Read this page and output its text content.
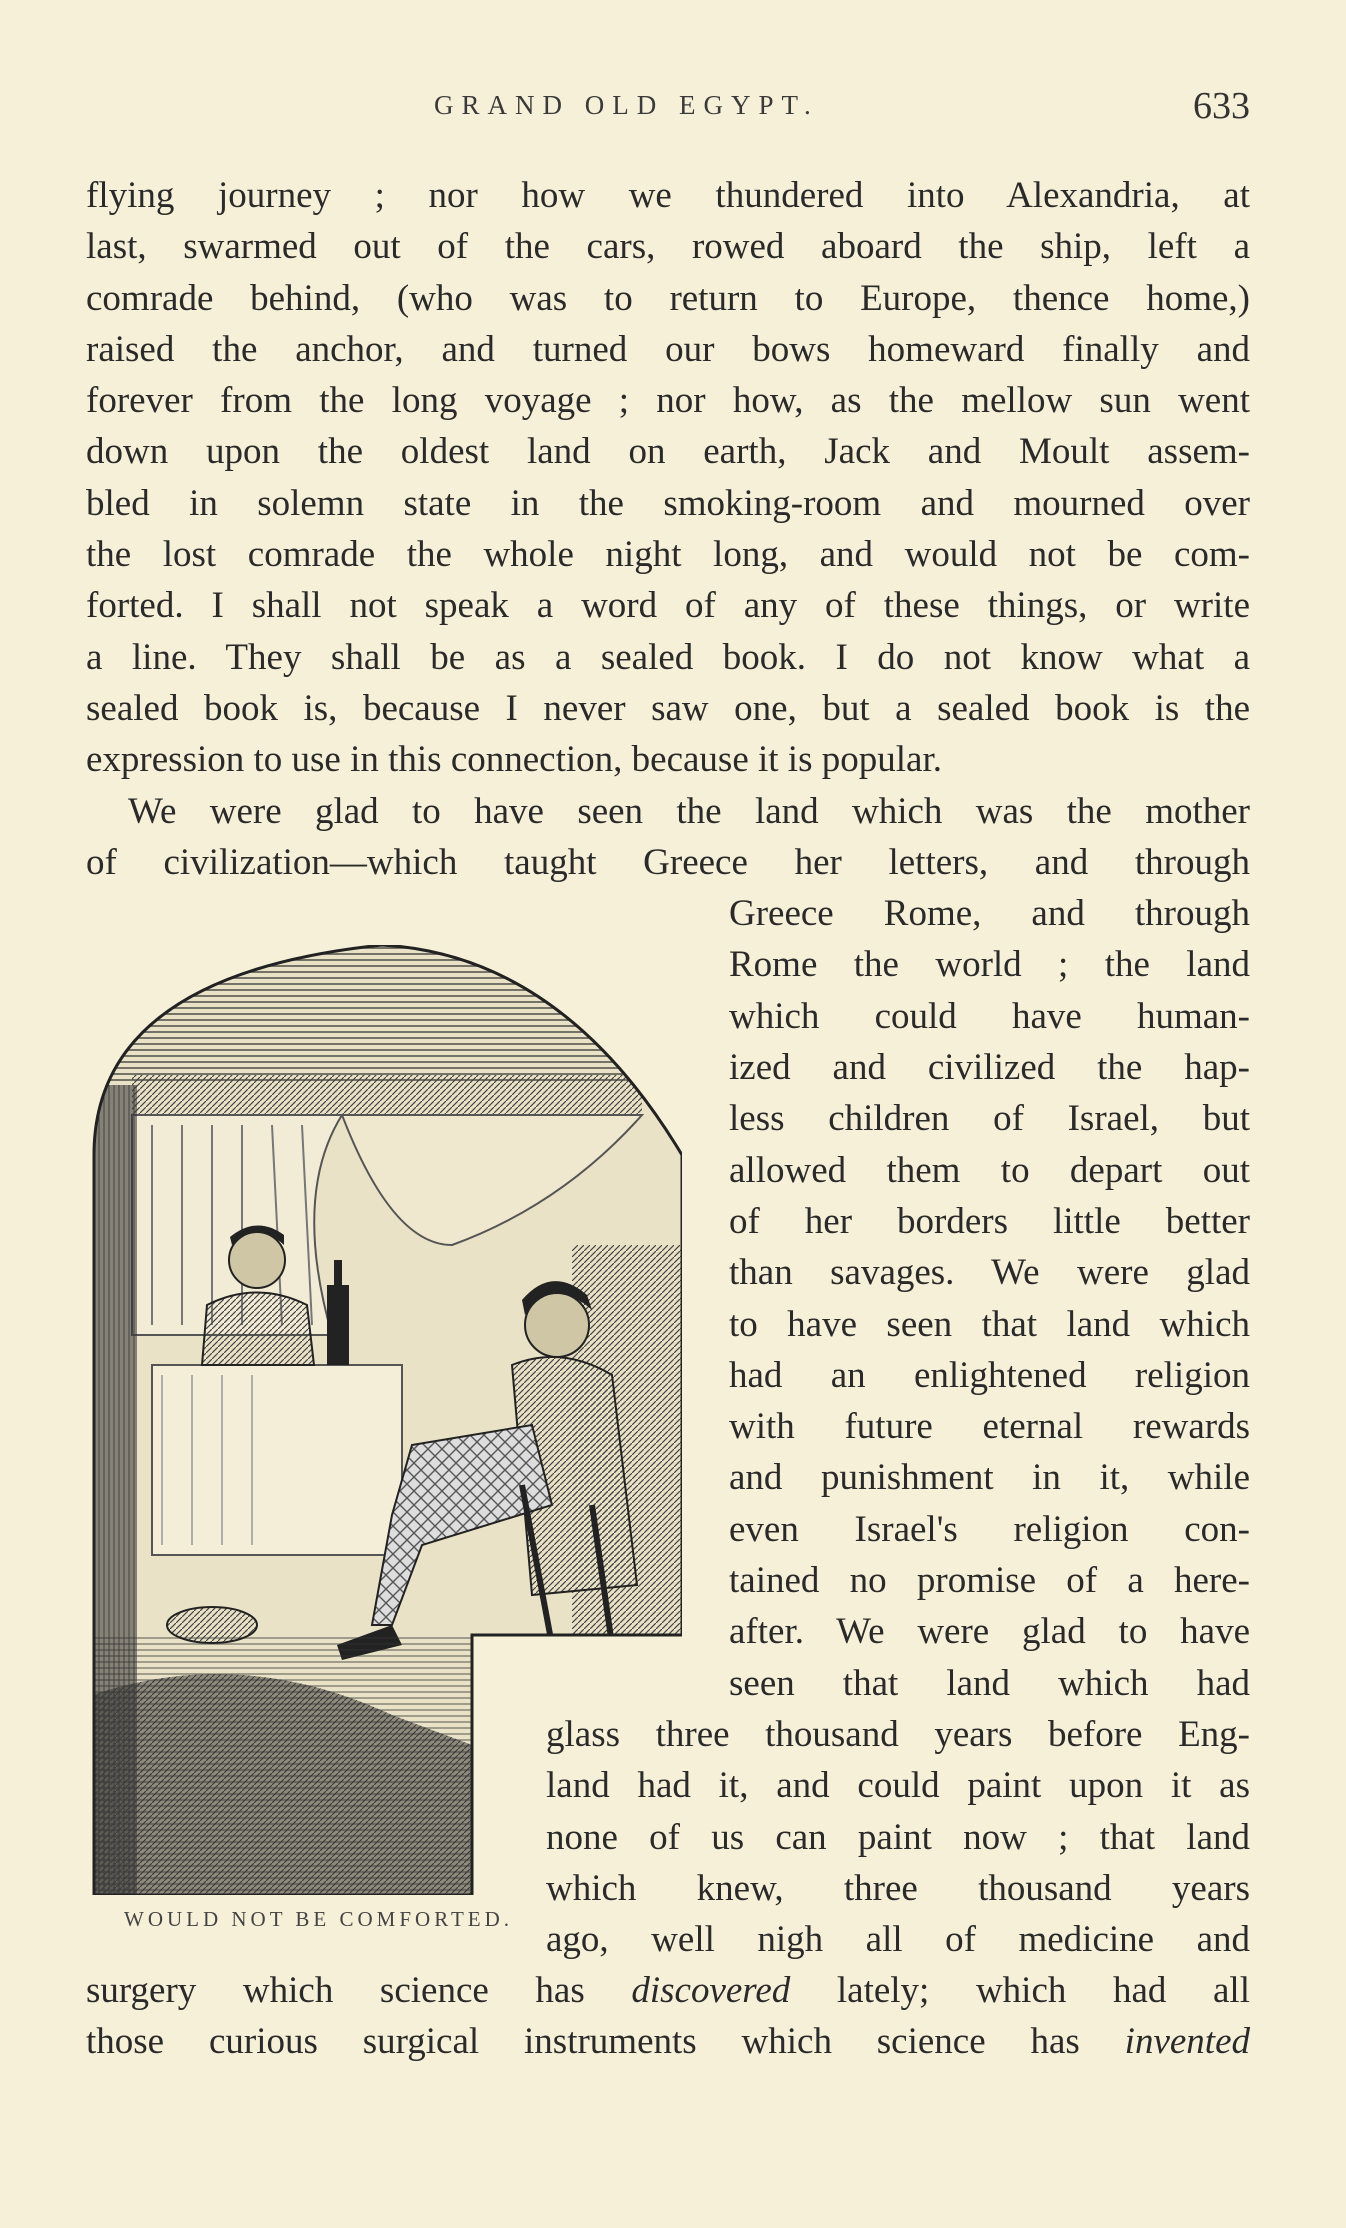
GRAND OLD EGYPT.	633
flying journey ; nor how we thundered into Alexandria, at
last, swarmed out of the cars, rowed aboard the ship, left a
comrade behind, (who was to return to Europe, thence home,)
raised the anchor, and turned our bows homeward finally and
forever from the long voyage ; nor how, as the mellow sun went
down upon the oldest land on earth, Jack and Moult assem-
bled in solemn state in the smoking-room and mourned over
the lost comrade the whole night long, and would not be com-
forted. I shall not speak a word of any of these things, or write
a line. They shall be as a sealed book. I do not know what a
sealed book is, because I never saw one, but a sealed book is the
expression to use in this connection, because it is popular.
We were glad to have seen the land which was the mother
of civilization—which taught Greece her letters, and through
Greece Rome, and through
Rome the world ; the land
which could have human-
ized and civilized the hap-
less children of Israel, but
allowed them to depart out
of her borders little better
than savages. We were glad
to have seen that land which
had an enlightened religion
with future eternal rewards
and punishment in it, while
even Israel's religion con-
tained no promise of a here-
after. We were glad to have
seen that land which had
glass three thousand years before Eng-
land had it, and could paint upon it as
none of us can paint now ; that land
which knew, three thousand years
ago, well nigh all of medicine and
surgery which science has discovered lately; which had all
those curious surgical instruments which science has invented
WOULD NOT BE COMFORTED.
